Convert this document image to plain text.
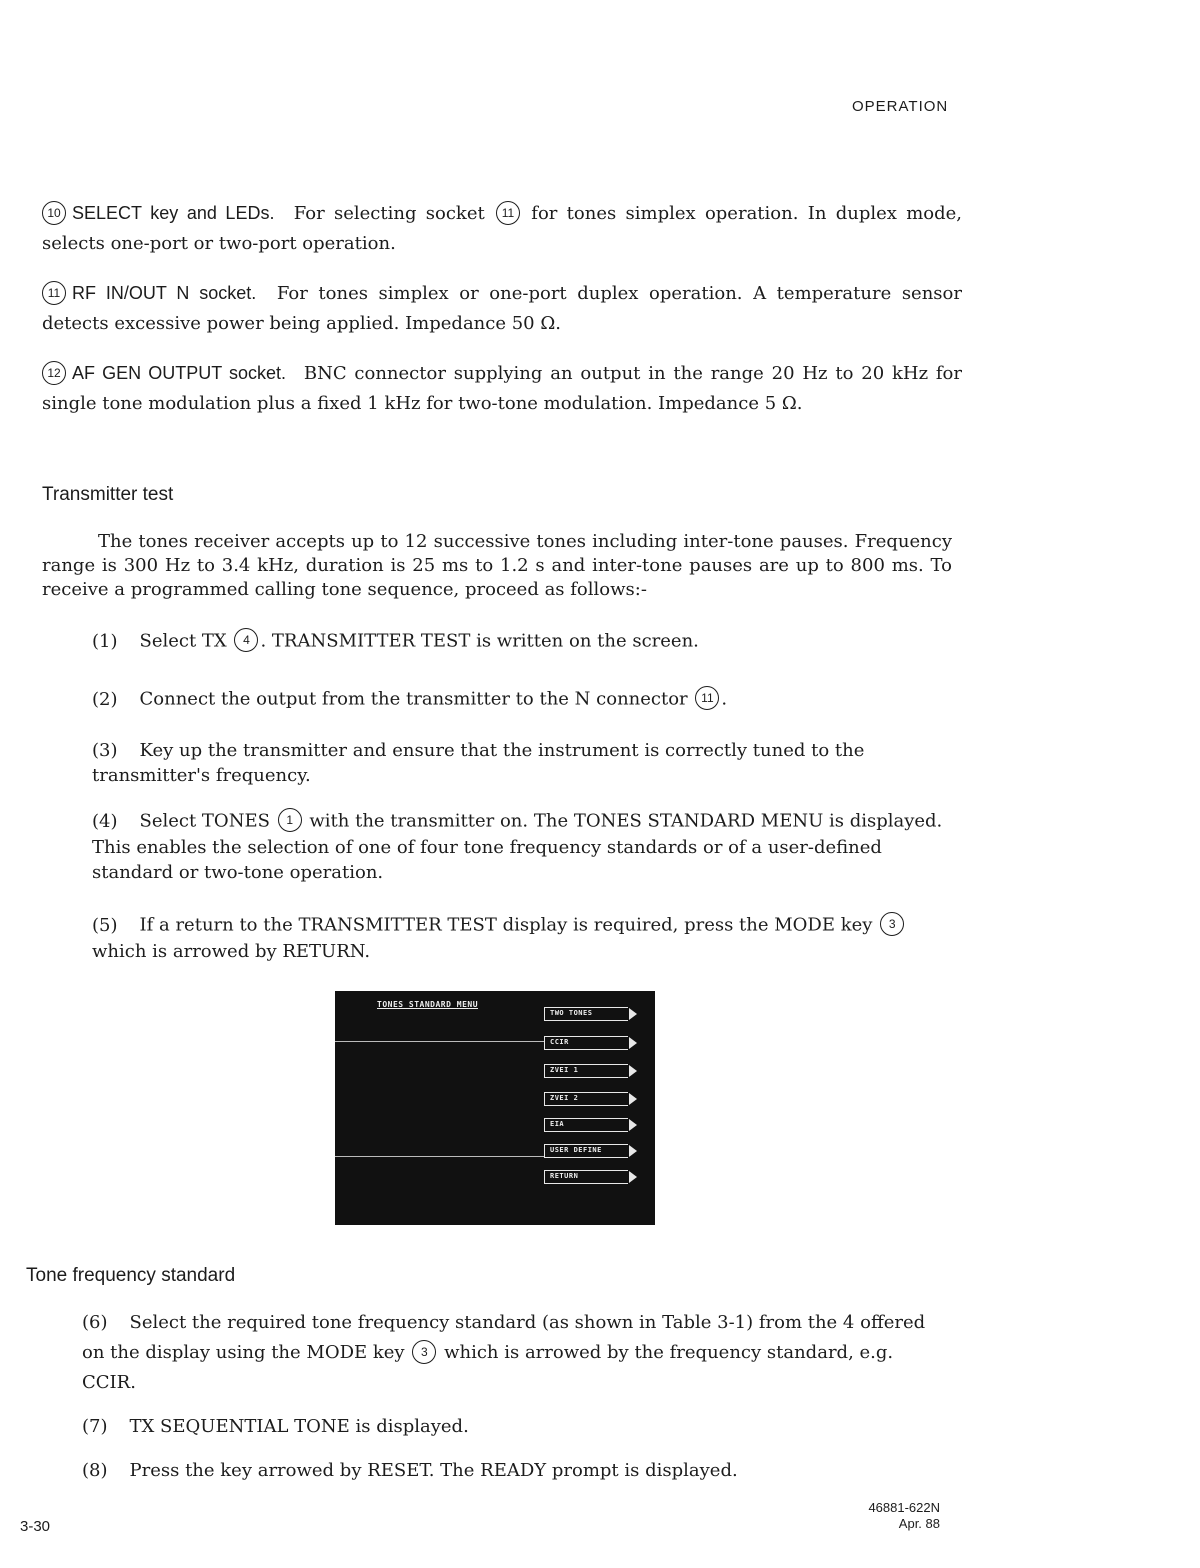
OPERATION
10 SELECT key and LEDs. For selecting socket 11 for tones simplex operation. In duplex mode, selects one-port or two-port operation.
11 RF IN/OUT N socket. For tones simplex or one-port duplex operation. A temperature sensor detects excessive power being applied. Impedance 50 Ω.
12 AF GEN OUTPUT socket. BNC connector supplying an output in the range 20 Hz to 20 kHz for single tone modulation plus a fixed 1 kHz for two-tone modulation. Impedance 5 Ω.
Transmitter test
The tones receiver accepts up to 12 successive tones including inter-tone pauses. Frequency range is 300 Hz to 3.4 kHz, duration is 25 ms to 1.2 s and inter-tone pauses are up to 800 ms. To receive a programmed calling tone sequence, proceed as follows:-
(1) Select TX 4 . TRANSMITTER TEST is written on the screen.
(2) Connect the output from the transmitter to the N connector 11 .
(3) Key up the transmitter and ensure that the instrument is correctly tuned to the transmitter's frequency.
(4) Select TONES 1 with the transmitter on. The TONES STANDARD MENU is displayed. This enables the selection of one of four tone frequency standards or of a user-defined standard or two-tone operation.
(5) If a return to the TRANSMITTER TEST display is required, press the MODE key 3 which is arrowed by RETURN.
TONES STANDARD MENU
TWO TONES
CCIR
ZVEI 1
ZVEI 2
EIA
USER DEFINE
RETURN
Tone frequency standard
(6) Select the required tone frequency standard (as shown in Table 3-1) from the 4 offered on the display using the MODE key 3 which is arrowed by the frequency standard, e.g. CCIR.
(7) TX SEQUENTIAL TONE is displayed.
(8) Press the key arrowed by RESET. The READY prompt is displayed.
3-30
46881-622N
Apr. 88
